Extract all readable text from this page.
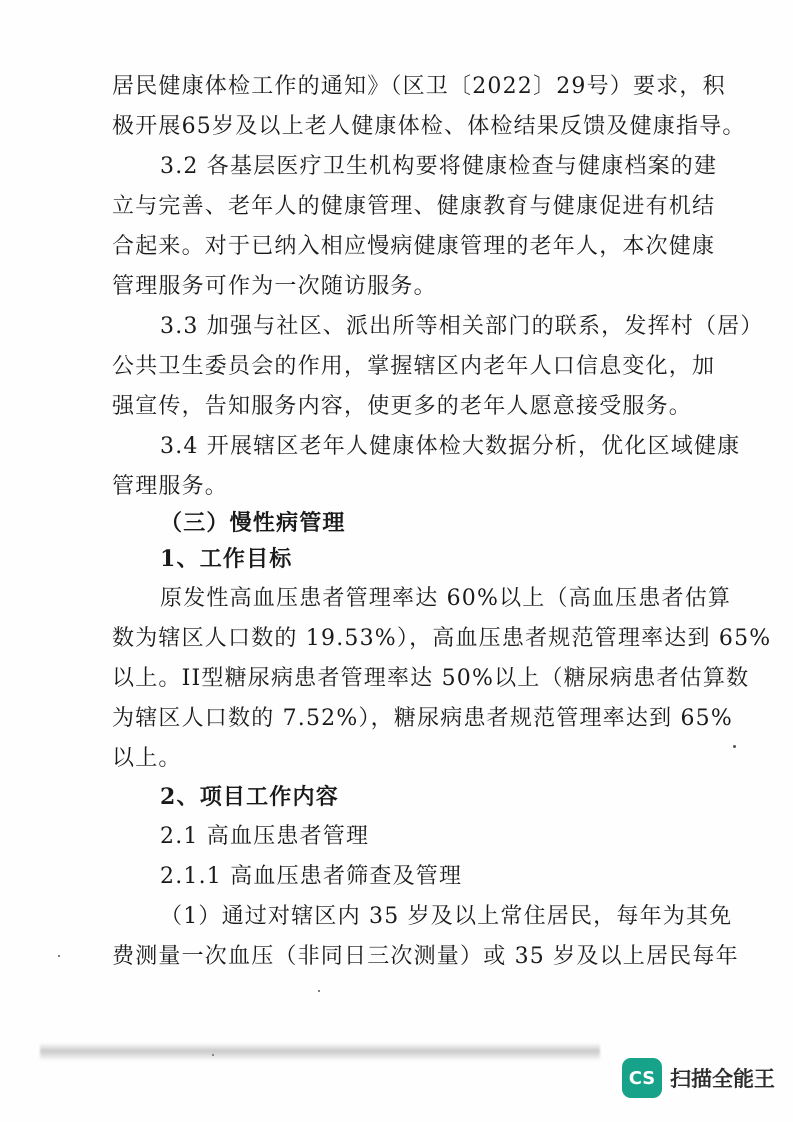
居民健康体检工作的通知》（区卫〔2022〕29号）要求，积
极开展65岁及以上老人健康体检、体检结果反馈及健康指导。
3.2 各基层医疗卫生机构要将健康检查与健康档案的建
立与完善、老年人的健康管理、健康教育与健康促进有机结
合起来。对于已纳入相应慢病健康管理的老年人，本次健康
管理服务可作为一次随访服务。
3.3 加强与社区、派出所等相关部门的联系，发挥村（居）
公共卫生委员会的作用，掌握辖区内老年人口信息变化，加
强宣传，告知服务内容，使更多的老年人愿意接受服务。
3.4 开展辖区老年人健康体检大数据分析，优化区域健康
管理服务。
（三）慢性病管理
1、工作目标
原发性高血压患者管理率达 60%以上（高血压患者估算
数为辖区人口数的 19.53%），高血压患者规范管理率达到 65%
以上。II型糖尿病患者管理率达 50%以上（糖尿病患者估算数
为辖区人口数的 7.52%），糖尿病患者规范管理率达到 65%
以上。
2、项目工作内容
2.1 高血压患者管理
2.1.1 高血压患者筛查及管理
（1）通过对辖区内 35 岁及以上常住居民，每年为其免
费测量一次血压（非同日三次测量）或 35 岁及以上居民每年
CS 扫描全能王
